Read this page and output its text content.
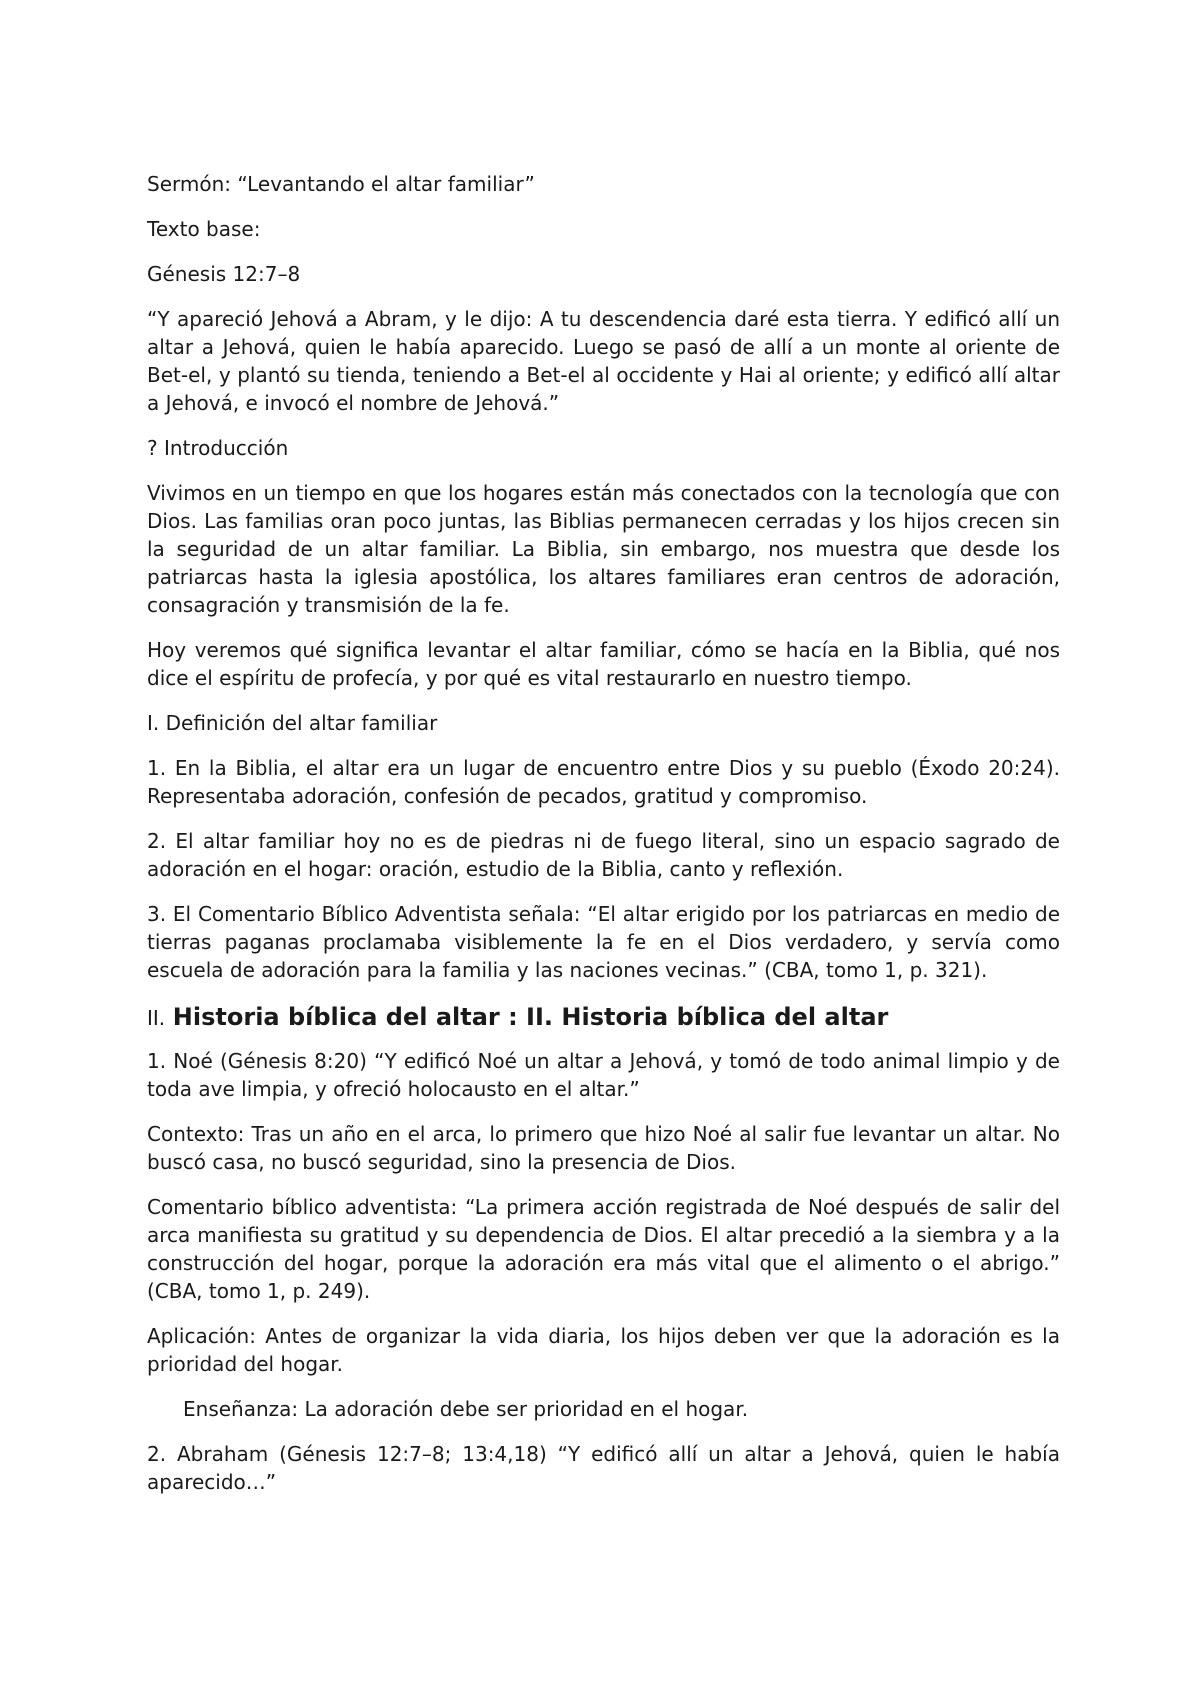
Sermón: “Levantando el altar familiar”

Texto base:

Génesis 12:7–8

“Y apareció Jehová a Abram, y le dijo: A tu descendencia daré esta tierra. Y edificó allí un altar a Jehová, quien le había aparecido. Luego se pasó de allí a un monte al oriente de Bet-el, y plantó su tienda, teniendo a Bet-el al occidente y Hai al oriente; y edificó allí altar a Jehová, e invocó el nombre de Jehová.”

? Introducción

Vivimos en un tiempo en que los hogares están más conectados con la tecnología que con Dios. Las familias oran poco juntas, las Biblias permanecen cerradas y los hijos crecen sin la seguridad de un altar familiar. La Biblia, sin embargo, nos muestra que desde los patriarcas hasta la iglesia apostólica, los altares familiares eran centros de adoración, consagración y transmisión de la fe.

Hoy veremos qué significa levantar el altar familiar, cómo se hacía en la Biblia, qué nos dice el espíritu de profecía, y por qué es vital restaurarlo en nuestro tiempo.

I. Definición del altar familiar

1. En la Biblia, el altar era un lugar de encuentro entre Dios y su pueblo (Éxodo 20:24). Representaba adoración, confesión de pecados, gratitud y compromiso.

2. El altar familiar hoy no es de piedras ni de fuego literal, sino un espacio sagrado de adoración en el hogar: oración, estudio de la Biblia, canto y reflexión.

3. El Comentario Bíblico Adventista señala: “El altar erigido por los patriarcas en medio de tierras paganas proclamaba visiblemente la fe en el Dios verdadero, y servía como escuela de adoración para la familia y las naciones vecinas.” (CBA, tomo 1, p. 321).

II. Historia bíblica del altar : II. Historia bíblica del altar

1. Noé (Génesis 8:20) “Y edificó Noé un altar a Jehová, y tomó de todo animal limpio y de toda ave limpia, y ofreció holocausto en el altar.”

Contexto: Tras un año en el arca, lo primero que hizo Noé al salir fue levantar un altar. No buscó casa, no buscó seguridad, sino la presencia de Dios.

Comentario bíblico adventista: “La primera acción registrada de Noé después de salir del arca manifiesta su gratitud y su dependencia de Dios. El altar precedió a la siembra y a la construcción del hogar, porque la adoración era más vital que el alimento o el abrigo.” (CBA, tomo 1, p. 249).

Aplicación: Antes de organizar la vida diaria, los hijos deben ver que la adoración es la prioridad del hogar.

Enseñanza: La adoración debe ser prioridad en el hogar.

2. Abraham (Génesis 12:7–8; 13:4,18) “Y edificó allí un altar a Jehová, quien le había aparecido…”
